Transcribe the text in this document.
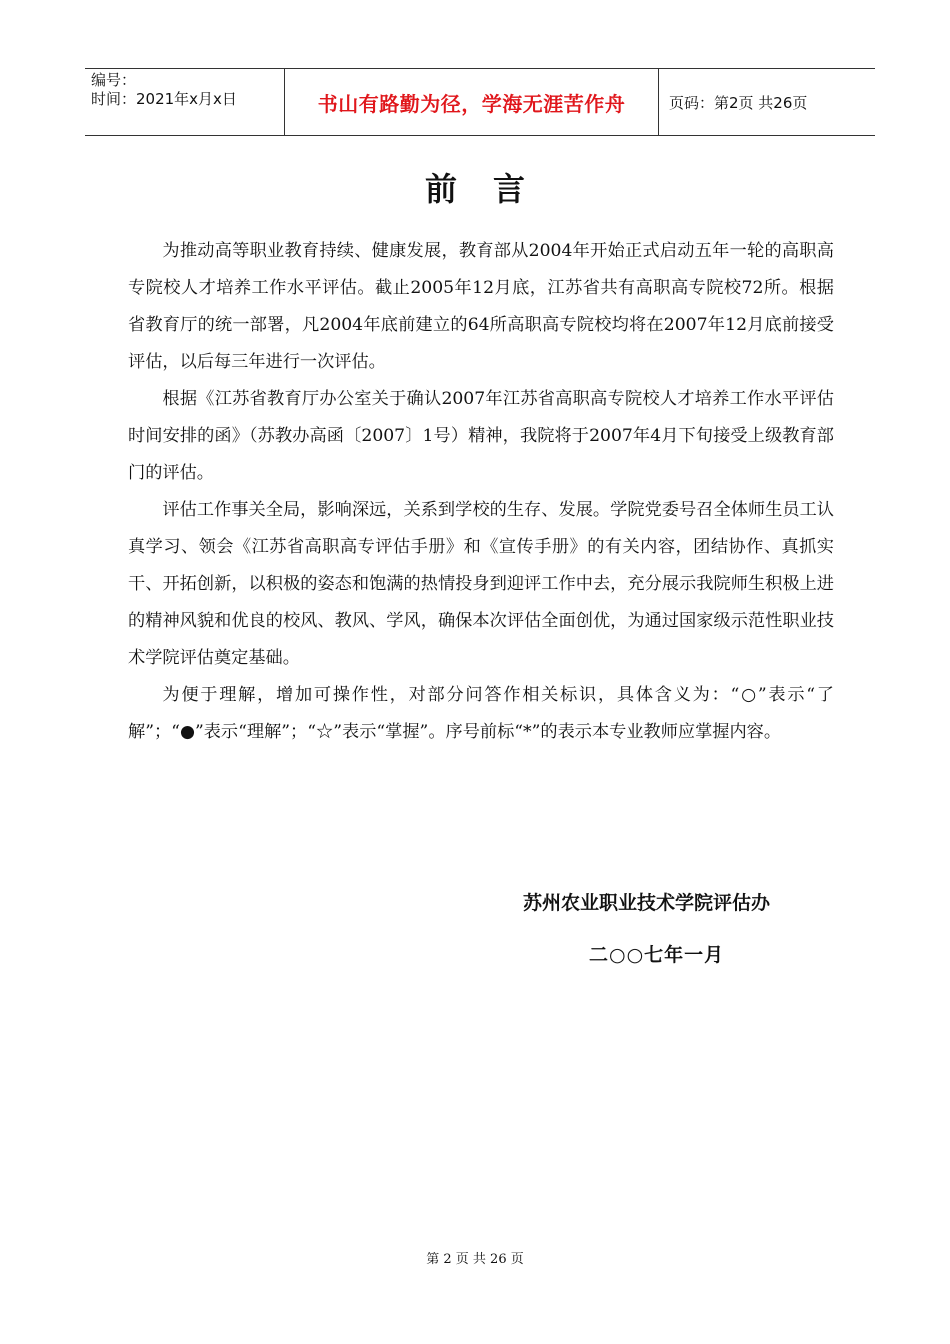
编号：
时间：2021年x月x日	书山有路勤为径，学海无涯苦作舟	页码：第2页 共26页
前言

为推动高等职业教育持续、健康发展，教育部从2004年开始正式启动五年一轮的高职高专院校人才培养工作水平评估。截止2005年12月底，江苏省共有高职高专院校72所。根据省教育厅的统一部署，凡2004年底前建立的64所高职高专院校均将在2007年12月底前接受评估，以后每三年进行一次评估。

根据《江苏省教育厅办公室关于确认2007年江苏省高职高专院校人才培养工作水平评估时间安排的函》（苏教办高函〔2007〕1号）精神，我院将于2007年4月下旬接受上级教育部门的评估。

评估工作事关全局，影响深远，关系到学校的生存、发展。学院党委号召全体师生员工认真学习、领会《江苏省高职高专评估手册》和《宣传手册》的有关内容，团结协作、真抓实干、开拓创新，以积极的姿态和饱满的热情投身到迎评工作中去，充分展示我院师生积极上进的精神风貌和优良的校风、教风、学风，确保本次评估全面创优，为通过国家级示范性职业技术学院评估奠定基础。

为便于理解，增加可操作性，对部分问答作相关标识，具体含义为：“○”表示“了解”；“●”表示“理解”；“☆”表示“掌握”。序号前标“*”的表示本专业教师应掌握内容。

苏州农业职业技术学院评估办
二○○七年一月
第 2 页 共 26 页
